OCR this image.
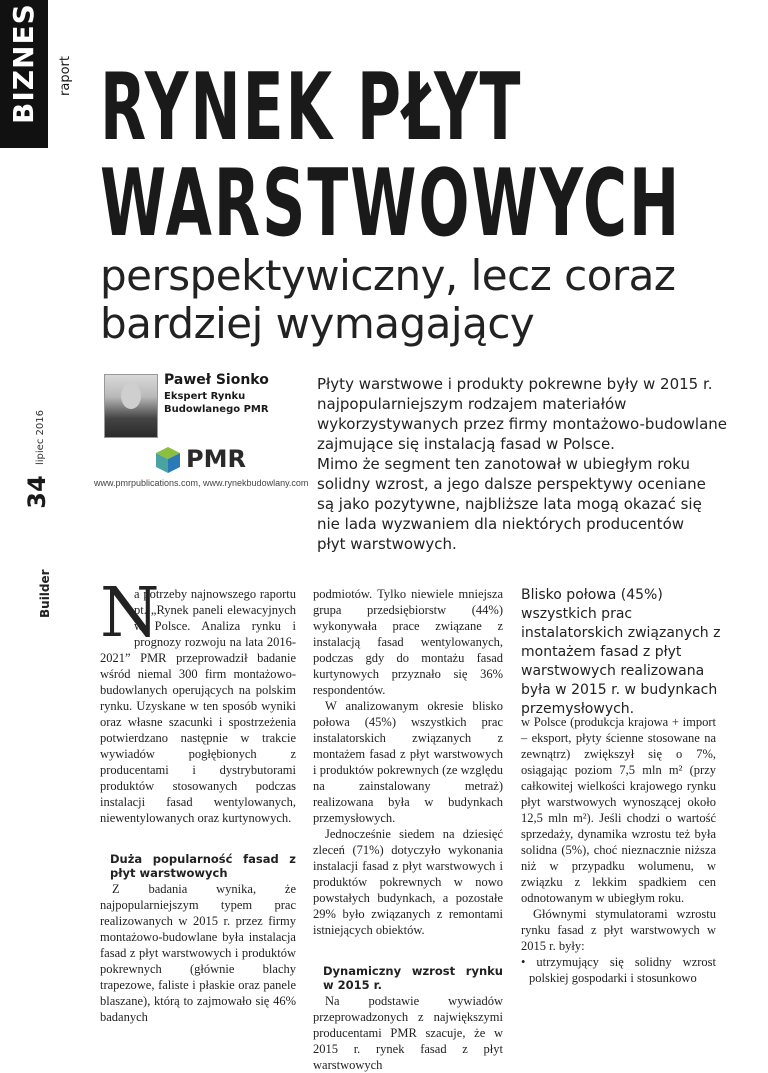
BIZNES raport
lipiec 2016
34
Builder
RYNEK PŁYT
WARSTWOWYCH
perspektywiczny, lecz coraz
bardziej wymagający
Paweł Sionko
Ekspert Rynku Budowlanego PMR
PMR
www.pmrpublications.com, www.rynekbudowlany.com
Płyty warstwowe i produkty pokrewne były w 2015 r.
najpopularniejszym rodzajem materiałów
wykorzystywanych przez firmy montażowo-budowlane
zajmujące się instalacją fasad w Polsce.
Mimo że segment ten zanotował w ubiegłym roku
solidny wzrost, a jego dalsze perspektywy oceniane
są jako pozytywne, najbliższe lata mogą okazać się
nie lada wyzwaniem dla niektórych producentów
płyt warstwowych.
N

a potrzeby najnowszego raportu pt. „Rynek paneli elewacyjnych w Polsce. Analiza rynku i prognozy rozwoju na lata 2016-2021” PMR przeprowadził badanie wśród niemal 300 firm montażowo-budowlanych operujących na polskim rynku. Uzyskane w ten sposób wyniki oraz własne szacunki i spostrzeżenia potwierdzano następnie w trakcie wywiadów pogłębionych z producentami i dystrybutorami produktów stosowanych podczas instalacji fasad wentylowanych, niewentylowanych oraz kurtynowych.

Duża popularność fasad z płyt warstwowych

Z badania wynika, że najpopularniejszym typem prac realizowanych w 2015 r. przez firmy montażowo-budowlane była instalacja fasad z płyt warstwowych i produktów pokrewnych (głównie blachy trapezowe, faliste i płaskie oraz panele blaszane), którą to zajmowało się 46% badanych

podmiotów. Tylko niewiele mniejsza grupa przedsiębiorstw (44%) wykonywała prace związane z instalacją fasad wentylowanych, podczas gdy do montażu fasad kurtynowych przyznało się 36% respondentów.

W analizowanym okresie blisko połowa (45%) wszystkich prac instalatorskich związanych z montażem fasad z płyt warstwowych i produktów pokrewnych (ze względu na zainstalowany metraż) realizowana była w budynkach przemysłowych.

Jednocześnie siedem na dziesięć zleceń (71%) dotyczyło wykonania instalacji fasad z płyt warstwowych i produktów pokrewnych w nowo powstałych budynkach, a pozostałe 29% było związanych z remontami istniejących obiektów.

Dynamiczny wzrost rynku w 2015 r.

Na podstawie wywiadów przeprowadzonych z największymi producentami PMR szacuje, że w 2015 r. rynek fasad z płyt warstwowych

Blisko połowa (45%) wszystkich prac instalatorskich związanych z montażem fasad z płyt warstwowych realizowana była w 2015 r. w budynkach przemysłowych.

w Polsce (produkcja krajowa + import – eksport, płyty ścienne stosowane na zewnątrz) zwiększył się o 7%, osiągając poziom 7,5 mln m² (przy całkowitej wielkości krajowego rynku płyt warstwowych wynoszącej około 12,5 mln m²). Jeśli chodzi o wartość sprzedaży, dynamika wzrostu też była solidna (5%), choć nieznacznie niższa niż w przypadku wolumenu, w związku z lekkim spadkiem cen odnotowanym w ubiegłym roku.

Głównymi stymulatorami wzrostu rynku fasad z płyt warstwowych w 2015 r. były:

• utrzymujący się solidny wzrost polskiej gospodarki i stosunkowo
